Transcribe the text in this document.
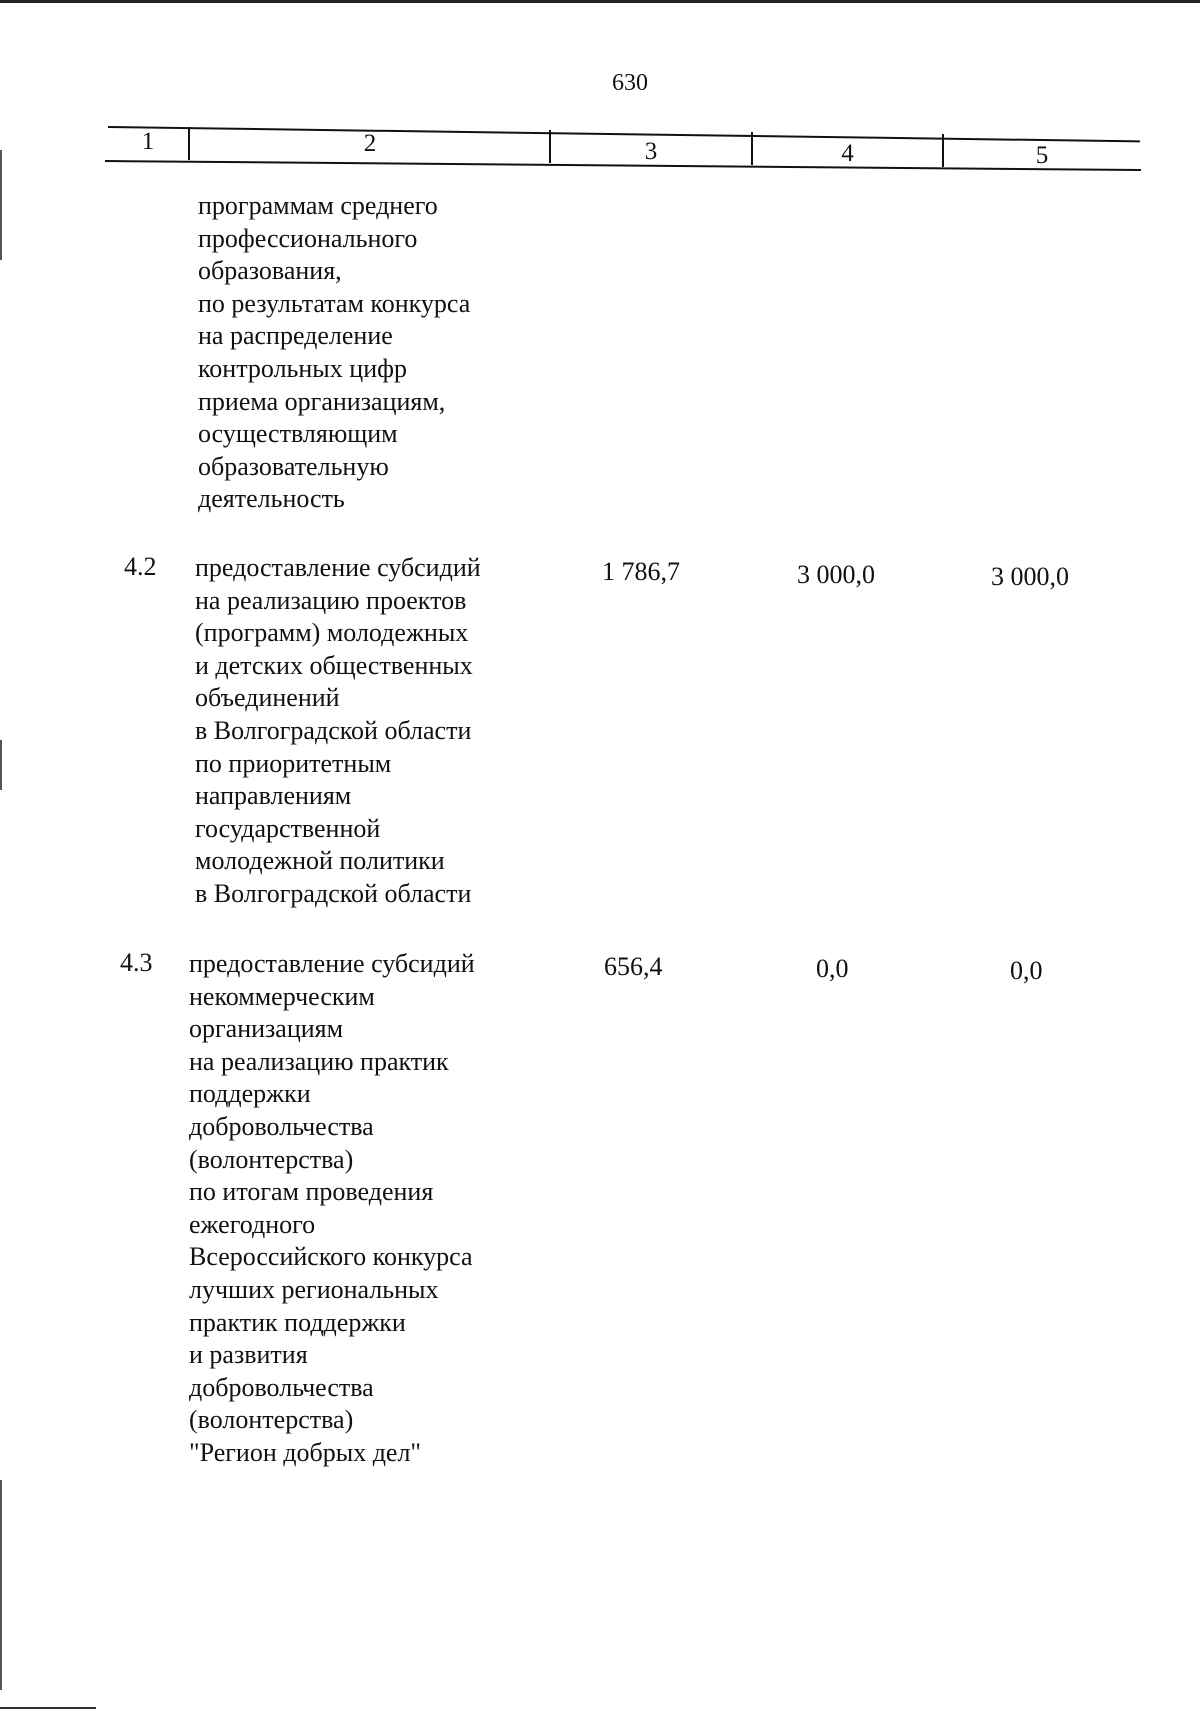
630
1	2	3	4	5
программам среднего
профессионального
образования,
по результатам конкурса
на распределение
контрольных цифр
приема организациям,
осуществляющим
образовательную
деятельность
4.2 предоставление субсидий
на реализацию проектов
(программ) молодежных
и детских общественных
объединений
в Волгоградской области
по приоритетным
направлениям
государственной
молодежной политики
в Волгоградской области
1 786,7	3 000,0	3 000,0
4.3 предоставление субсидий
некоммерческим
организациям
на реализацию практик
поддержки
добровольчества
(волонтерства)
по итогам проведения
ежегодного
Всероссийского конкурса
лучших региональных
практик поддержки
и развития
добровольчества
(волонтерства)
"Регион добрых дел"
656,4	0,0	0,0
